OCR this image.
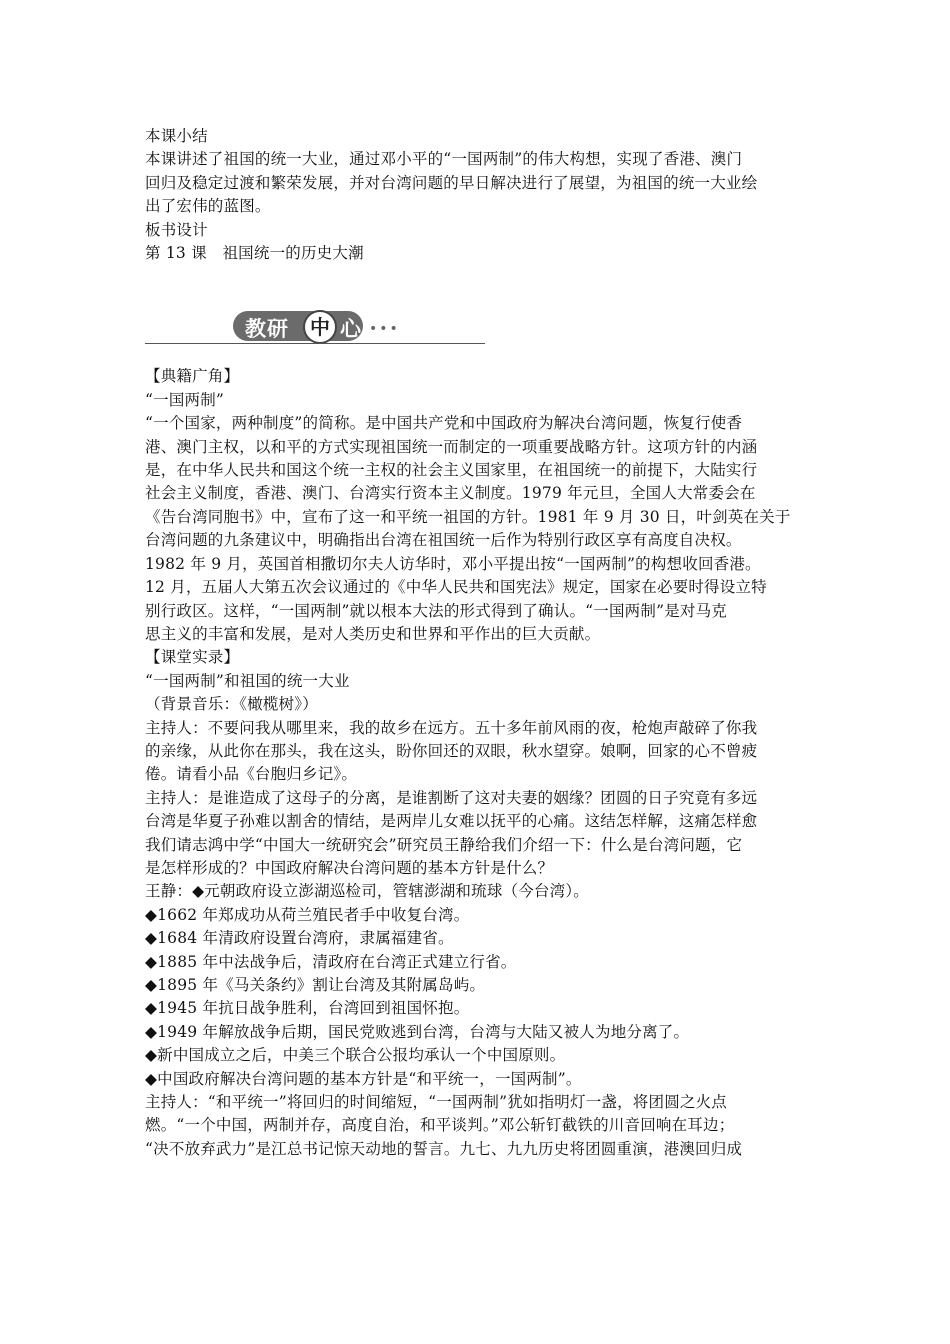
本课小结
本课讲述了祖国的统一大业，通过邓小平的“一国两制”的伟大构想，实现了香港、澳门
回归及稳定过渡和繁荣发展，并对台湾问题的早日解决进行了展望，为祖国的统一大业绘
出了宏伟的蓝图。
板书设计
第 13 课　祖国统一的历史大潮
教研	中 心 •••
【典籍广角】
“一国两制”
“一个国家，两种制度”的简称。是中国共产党和中国政府为解决台湾问题，恢复行使香
港、澳门主权，以和平的方式实现祖国统一而制定的一项重要战略方针。这项方针的内涵
是，在中华人民共和国这个统一主权的社会主义国家里，在祖国统一的前提下，大陆实行
社会主义制度，香港、澳门、台湾实行资本主义制度。1979 年元旦，全国人大常委会在
《告台湾同胞书》中，宣布了这一和平统一祖国的方针。1981 年 9 月 30 日，叶剑英在关于
台湾问题的九条建议中，明确指出台湾在祖国统一后作为特别行政区享有高度自决权。
1982 年 9 月，英国首相撒切尔夫人访华时，邓小平提出按“一国两制”的构想收回香港。
12 月，五届人大第五次会议通过的《中华人民共和国宪法》规定，国家在必要时得设立特
别行政区。这样，“一国两制”就以根本大法的形式得到了确认。“一国两制”是对马克
思主义的丰富和发展，是对人类历史和世界和平作出的巨大贡献。
【课堂实录】
“一国两制”和祖国的统一大业
（背景音乐：《橄榄树》）
主持人：不要问我从哪里来，我的故乡在远方。五十多年前风雨的夜，枪炮声敲碎了你我
的亲缘，从此你在那头，我在这头，盼你回还的双眼，秋水望穿。娘啊，回家的心不曾疲
倦。请看小品《台胞归乡记》。
主持人：是谁造成了这母子的分离，是谁割断了这对夫妻的姻缘？团圆的日子究竟有多远
台湾是华夏子孙难以割舍的情结，是两岸儿女难以抚平的心痛。这结怎样解，这痛怎样愈
我们请志鸿中学“中国大一统研究会”研究员王静给我们介绍一下：什么是台湾问题，它
是怎样形成的？中国政府解决台湾问题的基本方针是什么？
王静：◆元朝政府设立澎湖巡检司，管辖澎湖和琉球（今台湾）。
◆1662 年郑成功从荷兰殖民者手中收复台湾。
◆1684 年清政府设置台湾府，隶属福建省。
◆1885 年中法战争后，清政府在台湾正式建立行省。
◆1895 年《马关条约》割让台湾及其附属岛屿。
◆1945 年抗日战争胜利，台湾回到祖国怀抱。
◆1949 年解放战争后期，国民党败逃到台湾，台湾与大陆又被人为地分离了。
◆新中国成立之后，中美三个联合公报均承认一个中国原则。
◆中国政府解决台湾问题的基本方针是“和平统一，一国两制”。
主持人：“和平统一”将回归的时间缩短，“一国两制”犹如指明灯一盏，将团圆之火点
燃。“一个中国，两制并存，高度自治，和平谈判。”邓公斩钉截铁的川音回响在耳边；
“决不放弃武力”是江总书记惊天动地的誓言。九七、九九历史将团圆重演，港澳回归成
